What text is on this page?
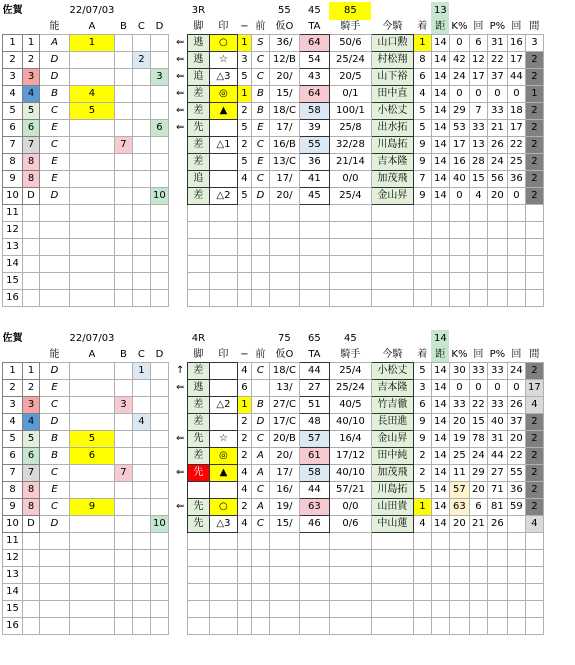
佐賀			22/07/03						3R				55	45	85			13					
		能	A	B	C	D			脚	印	−	前	仮O	TA	騎手	今騎	着	距	K%	回	P%	回	間
1	1	A	1					⇐	逃	○	1	S	36/	64	50/6	山口勲	1	14	0	6	31	16	3
2	2	D			2			⇐	逃	☆	3	C	12/B	54	25/24	村松翔	8	14	42	12	22	17	2
3	3	D				3		⇐	追	△3	5	C	20/	43	20/5	山下裕	6	14	24	17	37	44	2
4	4	B	4					⇐	差	◎	1	B	15/	64	0/1	田中直	4	14	0	0	0	0	1
5	5	C	5					⇐	差	▲	2	B	18/C	58	100/1	小松丈	5	14	29	7	33	18	2
6	6	E				6		⇐	先		5	E	17/	39	25/8	出水拓	5	14	53	33	21	17	2
7	7	C		7					差	△1	2	C	16/B	55	32/28	川島拓	9	14	17	13	26	22	2
8	8	E							差		5	E	13/C	36	21/14	吉本隆	9	14	16	28	24	25	2
9	8	E							追		4	C	17/	41	0/0	加茂飛	7	14	40	15	56	36	2
10	D	D				10			差	△2	5	D	20/	45	25/4	金山昇	9	14	0	4	20	0	2
11																							
12																							
13																							
14																							
15																							
16																							
佐賀			22/07/03						4R				75	65	45			14					
		能	A	B	C	D			脚	印	−	前	仮O	TA	騎手	今騎	着	距	K%	回	P%	回	間
1	1	D			1			↑	差		4	C	18/C	44	25/4	小松丈	5	14	30	33	33	24	2
2	2	E						⇐	逃		6		13/	27	25/24	吉本隆	3	14	0	0	0	0	17
3	3	C		3					差	△2	1	B	27/C	51	40/5	竹吉徹	6	14	33	22	33	26	4
4	4	D			4				差		2	D	17/C	48	40/10	長田進	9	14	20	15	40	37	2
5	5	B	5					⇐	先	☆	2	C	20/B	57	16/4	金山昇	9	14	19	78	31	20	2
6	6	B	6						差	◎	2	A	20/	61	17/12	田中純	2	14	25	24	44	22	2
7	7	C		7				⇐	先	▲	4	A	17/	58	40/10	加茂飛	2	14	11	29	27	55	2
8	8	E									4	C	16/	44	57/21	川島拓	5	14	57	20	71	36	2
9	8	C	9					⇐	先	○	2	A	19/	63	0/0	山田貴	1	14	63	6	81	59	2
10	D	D				10			先	△3	4	C	15/	46	0/6	中山蓮	4	14	20	21	26		4
11																							
12																							
13																							
14																							
15																							
16																							
